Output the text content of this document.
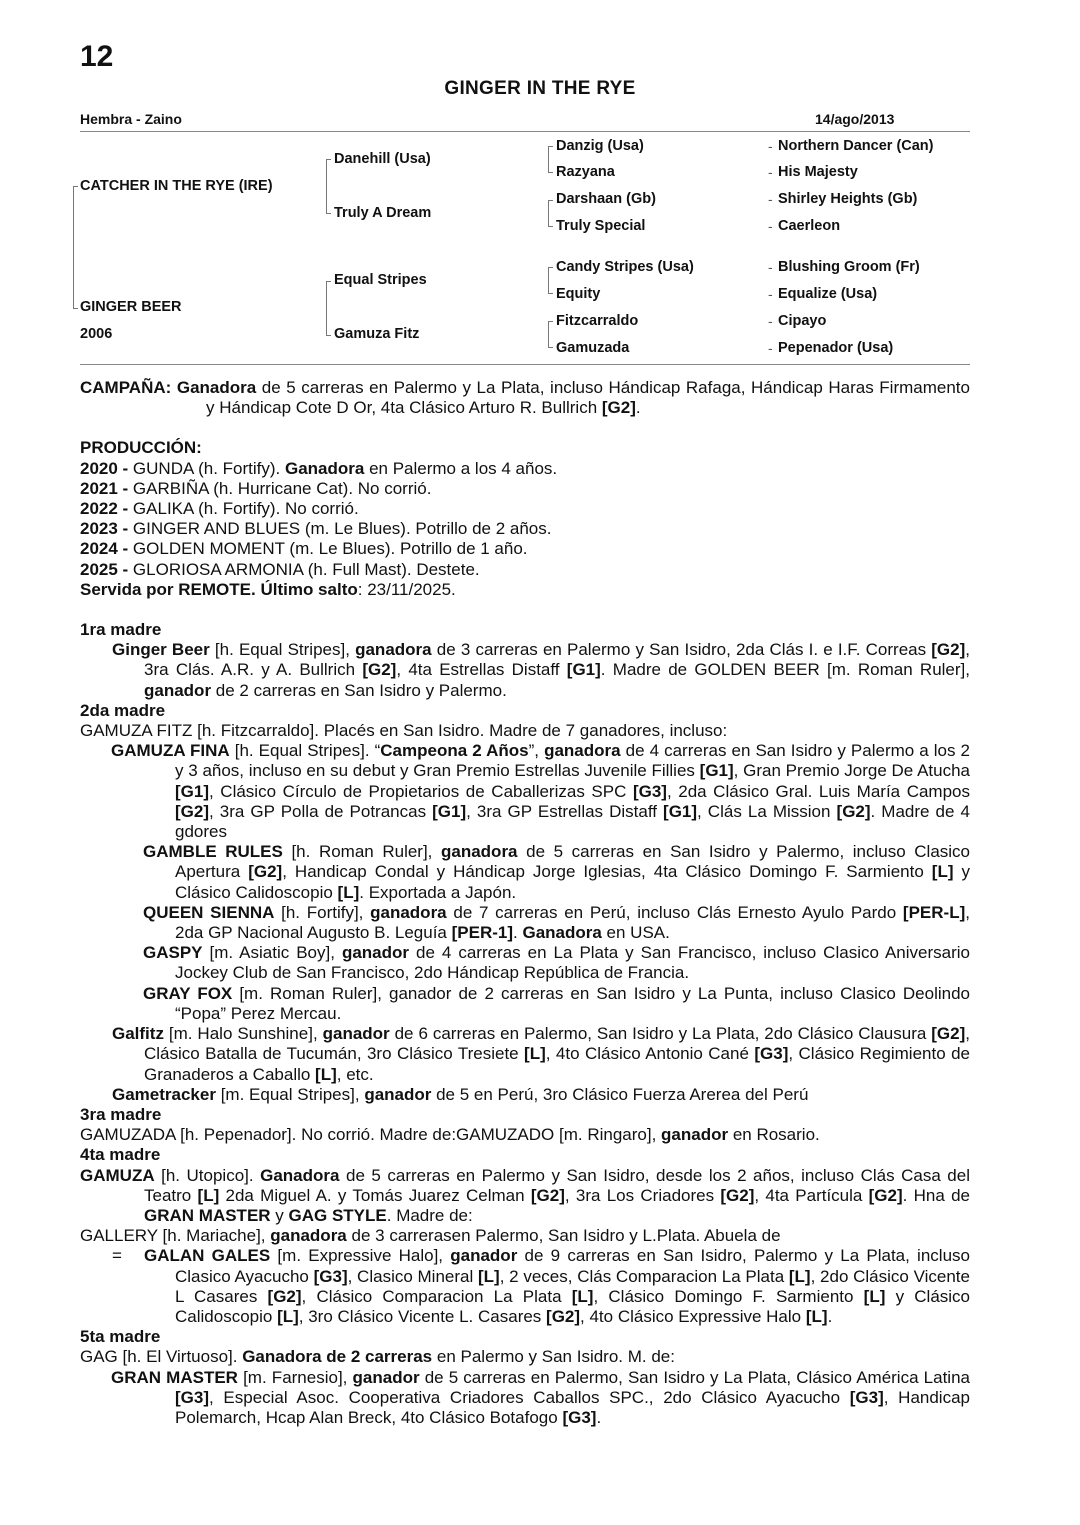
12
GINGER IN THE RYE
Hembra - Zaino	14/ago/2013
CATCHER IN THE RYE (IRE)
GINGER BEER
2006
Danehill (Usa)
Truly A Dream
Equal Stripes
Gamuza Fitz
Danzig (Usa)
Razyana
Darshaan (Gb)
Truly Special
Candy Stripes (Usa)
Equity
Fitzcarraldo
Gamuzada
-
-
-
-
-
-
-
-
Northern Dancer (Can)
His Majesty
Shirley Heights (Gb)
Caerleon
Blushing Groom (Fr)
Equalize (Usa)
Cipayo
Pepenador (Usa)

CAMPAÑA: Ganadora de 5 carreras en Palermo y La Plata, incluso Hándicap Rafaga, Hándicap Haras Firmamento y Hándicap Cote D Or, 4ta Clásico Arturo R. Bullrich [G2].

PRODUCCIÓN:

2020 - GUNDA (h. Fortify). Ganadora en Palermo a los 4 años.

2021 - GARBIÑA (h. Hurricane Cat). No corrió.

2022 - GALIKA (h. Fortify). No corrió.

2023 - GINGER AND BLUES (m. Le Blues). Potrillo de 2 años.

2024 - GOLDEN MOMENT (m. Le Blues). Potrillo de 1 año.

2025 - GLORIOSA ARMONIA (h. Full Mast). Destete.

Servida por REMOTE. Último salto: 23/11/2025.

1ra madre

Ginger Beer [h. Equal Stripes], ganadora de 3 carreras en Palermo y San Isidro, 2da Clás I. e I.F. Correas [G2], 3ra Clás. A.R. y A. Bullrich [G2], 4ta Estrellas Distaff [G1]. Madre de GOLDEN BEER [m. Roman Ruler], ganador de 2 carreras en San Isidro y Palermo.

2da madre

GAMUZA FITZ [h. Fitzcarraldo]. Placés en San Isidro. Madre de 7 ganadores, incluso:

GAMUZA FINA [h. Equal Stripes]. “Campeona 2 Años”, ganadora de 4 carreras en San Isidro y Palermo a los 2 y 3 años, incluso en su debut y Gran Premio Estrellas Juvenile Fillies [G1], Gran Premio Jorge De Atucha [G1], Clásico Círculo de Propietarios de Caballerizas SPC [G3], 2da Clásico Gral. Luis María Campos [G2], 3ra GP Polla de Potrancas [G1], 3ra GP Estrellas Distaff [G1], Clás La Mission [G2]. Madre de 4 gdores

GAMBLE RULES [h. Roman Ruler], ganadora de 5 carreras en San Isidro y Palermo, incluso Clasico Apertura [G2], Handicap Condal y Hándicap Jorge Iglesias, 4ta Clásico Domingo F. Sarmiento [L] y Clásico Calidoscopio [L]. Exportada a Japón.

QUEEN SIENNA [h. Fortify], ganadora de 7 carreras en Perú, incluso Clás Ernesto Ayulo Pardo [PER-L], 2da GP Nacional Augusto B. Leguía [PER-1]. Ganadora en USA.

GASPY [m. Asiatic Boy], ganador de 4 carreras en La Plata y San Francisco, incluso Clasico Aniversario Jockey Club de San Francisco, 2do Hándicap República de Francia.

GRAY FOX [m. Roman Ruler], ganador de 2 carreras en San Isidro y La Punta, incluso Clasico Deolindo “Popa” Perez Mercau.

Galfitz [m. Halo Sunshine], ganador de 6 carreras en Palermo, San Isidro y La Plata, 2do Clásico Clausura [G2], Clásico Batalla de Tucumán, 3ro Clásico Tresiete [L], 4to Clásico Antonio Cané [G3], Clásico Regimiento de Granaderos a Caballo [L], etc.

Gametracker [m. Equal Stripes], ganador de 5 en Perú, 3ro Clásico Fuerza Arerea del Perú

3ra madre

GAMUZADA [h. Pepenador]. No corrió. Madre de:GAMUZADO [m. Ringaro], ganador en Rosario.

4ta madre

GAMUZA [h. Utopico]. Ganadora de 5 carreras en Palermo y San Isidro, desde los 2 años, incluso Clás Casa del Teatro [L] 2da Miguel A. y Tomás Juarez Celman [G2], 3ra Los Criadores [G2], 4ta Partícula [G2]. Hna de GRAN MASTER y GAG STYLE. Madre de:

GALLERY [h. Mariache], ganadora de 3 carrerasen Palermo, San Isidro y L.Plata. Abuela de

= GALAN GALES [m. Expressive Halo], ganador de 9 carreras en San Isidro, Palermo y La Plata, incluso Clasico Ayacucho [G3], Clasico Mineral [L], 2 veces, Clás Comparacion La Plata [L], 2do Clásico Vicente L Casares [G2], Clásico Comparacion La Plata [L], Clásico Domingo F. Sarmiento [L] y Clásico Calidoscopio [L], 3ro Clásico Vicente L. Casares [G2], 4to Clásico Expressive Halo [L].

5ta madre

GAG [h. El Virtuoso]. Ganadora de 2 carreras en Palermo y San Isidro. M. de:

GRAN MASTER [m. Farnesio], ganador de 5 carreras en Palermo, San Isidro y La Plata, Clásico América Latina [G3], Especial Asoc. Cooperativa Criadores Caballos SPC., 2do Clásico Ayacucho [G3], Handicap Polemarch, Hcap Alan Breck, 4to Clásico Botafogo [G3].
